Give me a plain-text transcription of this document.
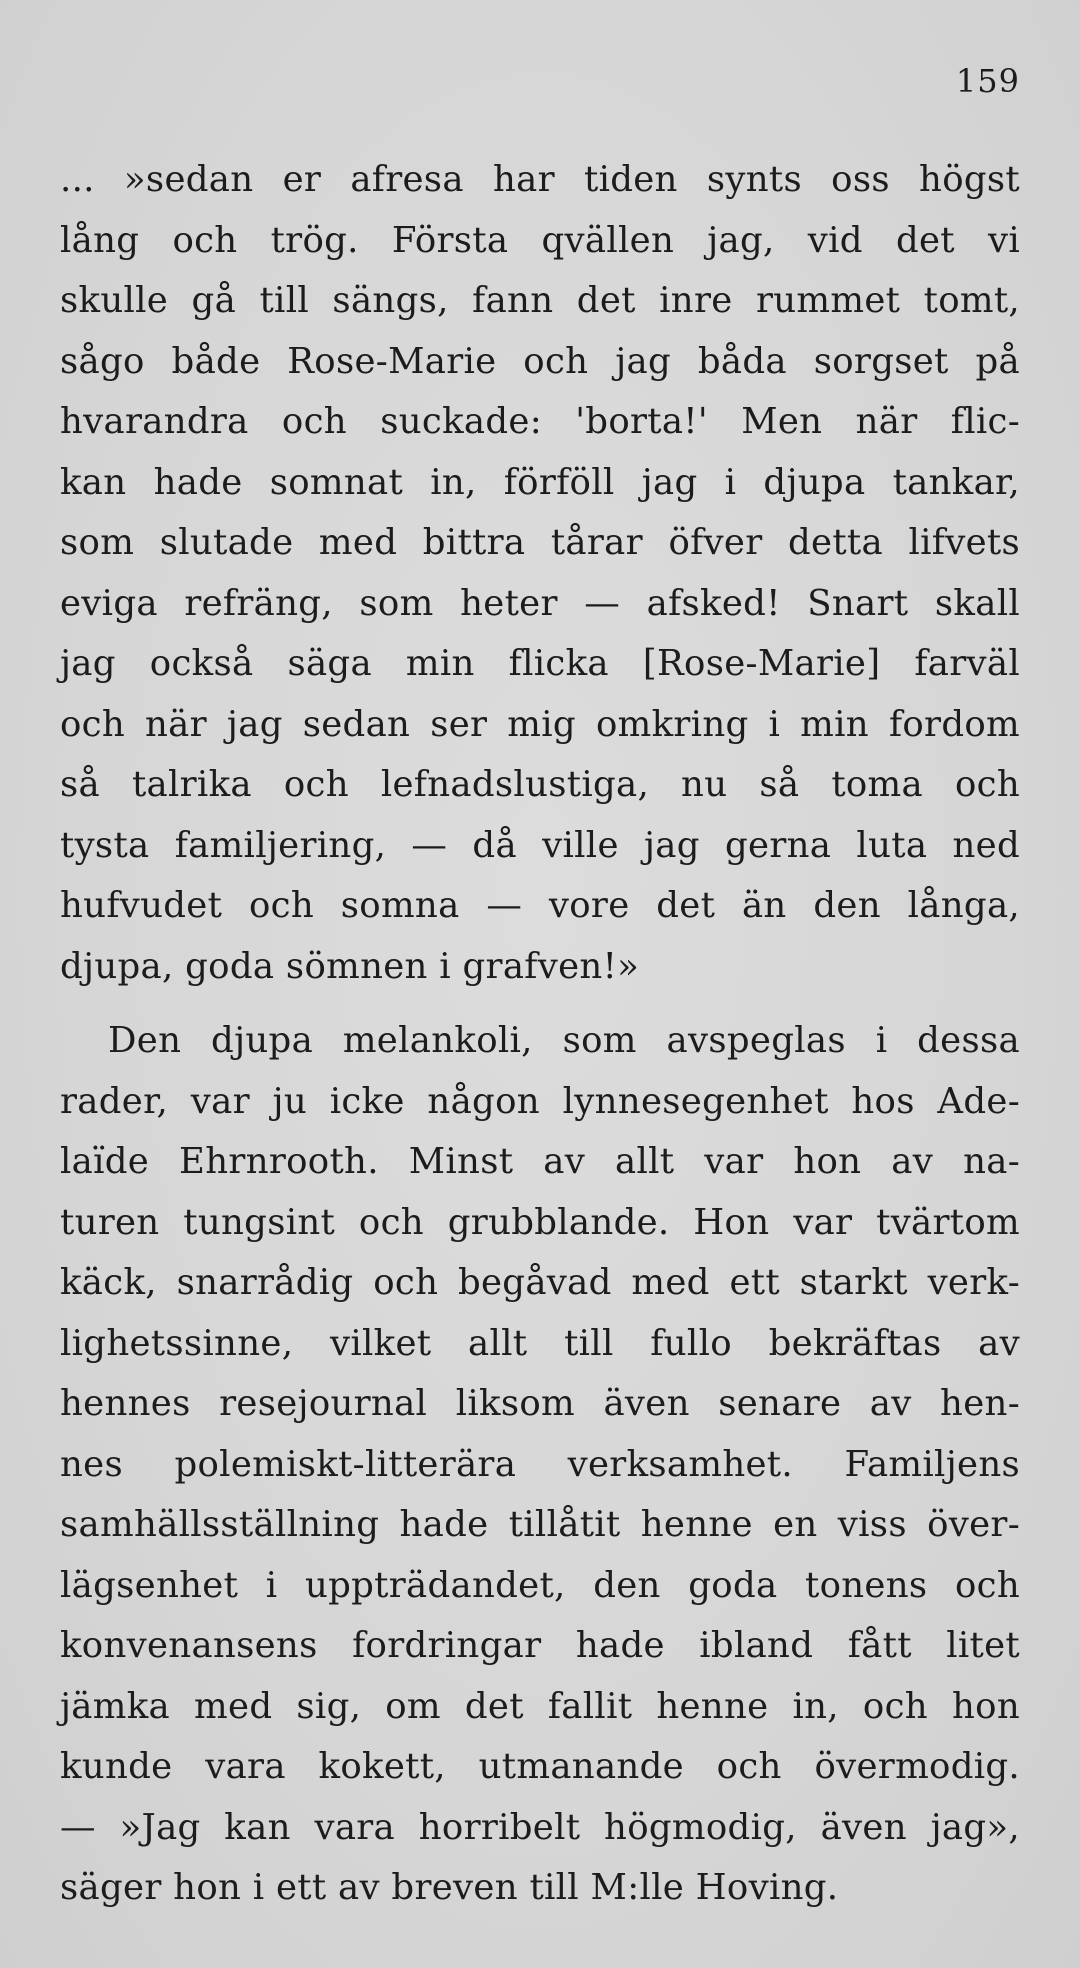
159
... »sedan er afresa har tiden synts oss högst
lång och trög. Första qvällen jag, vid det vi
skulle gå till sängs, fann det inre rummet tomt,
sågo både Rose-Marie och jag båda sorgset på
hvarandra och suckade: 'borta!' Men när flic-
kan hade somnat in, förföll jag i djupa tankar,
som slutade med bittra tårar öfver detta lifvets
eviga refräng, som heter — afsked! Snart skall
jag också säga min flicka [Rose-Marie] farväl
och när jag sedan ser mig omkring i min fordom
så talrika och lefnadslustiga, nu så toma och
tysta familjering, — då ville jag gerna luta ned
hufvudet och somna — vore det än den långa,
djupa, goda sömnen i grafven!»
Den djupa melankoli, som avspeglas i dessa
rader, var ju icke någon lynnesegenhet hos Ade-
laïde Ehrnrooth. Minst av allt var hon av na-
turen tungsint och grubblande. Hon var tvärtom
käck, snarrådig och begåvad med ett starkt verk-
lighetssinne, vilket allt till fullo bekräftas av
hennes resejournal liksom även senare av hen-
nes polemiskt-litterära verksamhet. Familjens
samhällsställning hade tillåtit henne en viss över-
lägsenhet i uppträdandet, den goda tonens och
konvenansens fordringar hade ibland fått litet
jämka med sig, om det fallit henne in, och hon
kunde vara kokett, utmanande och övermodig.
— »Jag kan vara horribelt högmodig, även jag»,
säger hon i ett av breven till M:lle Hoving.
